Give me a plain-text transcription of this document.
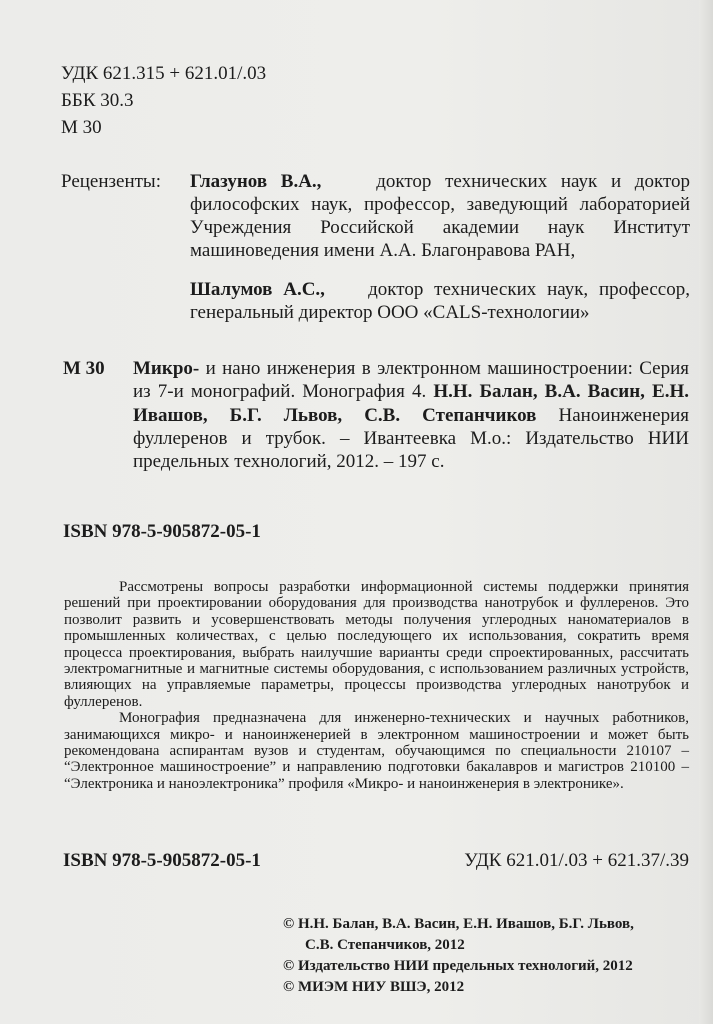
УДК 621.315 + 621.01/.03
ББК 30.3
М 30
Рецензенты: Глазунов В.А.,	доктор технических наук и доктор философских наук, профессор, заведующий лабораторией Учреждения Российской академии наук Институт машиноведения имени А.А. Благонравова РАН,
Шалумов А.С., доктор технических наук, профессор, генеральный директор ООО «CALS-технологии»
М 30 Микро- и нано инженерия в электронном машиностроении: Серия из 7-и монографий. Монография 4. Н.Н. Балан, В.А. Васин, Е.Н. Ивашов, Б.Г. Львов, С.В. Степанчиков Наноинженерия фуллеренов и трубок. – Ивантеевка М.о.: Издательство НИИ предельных технологий, 2012. – 197 с.
ISBN 978-5-905872-05-1

Рассмотрены вопросы разработки информационной системы поддержки принятия решений при проектировании оборудования для производства нанотрубок и фуллеренов. Это позволит развить и усовершенствовать методы получения углеродных наноматериалов в промышленных количествах, с целью последующего их использования, сократить время процесса проектирования, выбрать наилучшие варианты среди спроектированных, рассчитать электромагнитные и магнитные системы оборудования, с использованием различных устройств, влияющих на управляемые параметры, процессы производства углеродных нанотрубок и фуллеренов.

Монография предназначена для инженерно-технических и научных работников, занимающихся микро- и наноинженерией в электронном машиностроении и может быть рекомендована аспирантам вузов и студентам, обучающимся по специальности 210107 – “Электронное машиностроение” и направлению подготовки бакалавров и магистров 210100 – “Электроника и наноэлектроника” профиля «Микро- и наноинженерия в электронике».

ISBN 978-5-905872-05-1	УДК 621.01/.03 + 621.37/.39
© Н.Н. Балан, В.А. Васин, Е.Н. Ивашов, Б.Г. Львов,
С.В. Степанчиков, 2012
© Издательство НИИ предельных технологий, 2012
© МИЭМ НИУ ВШЭ, 2012
